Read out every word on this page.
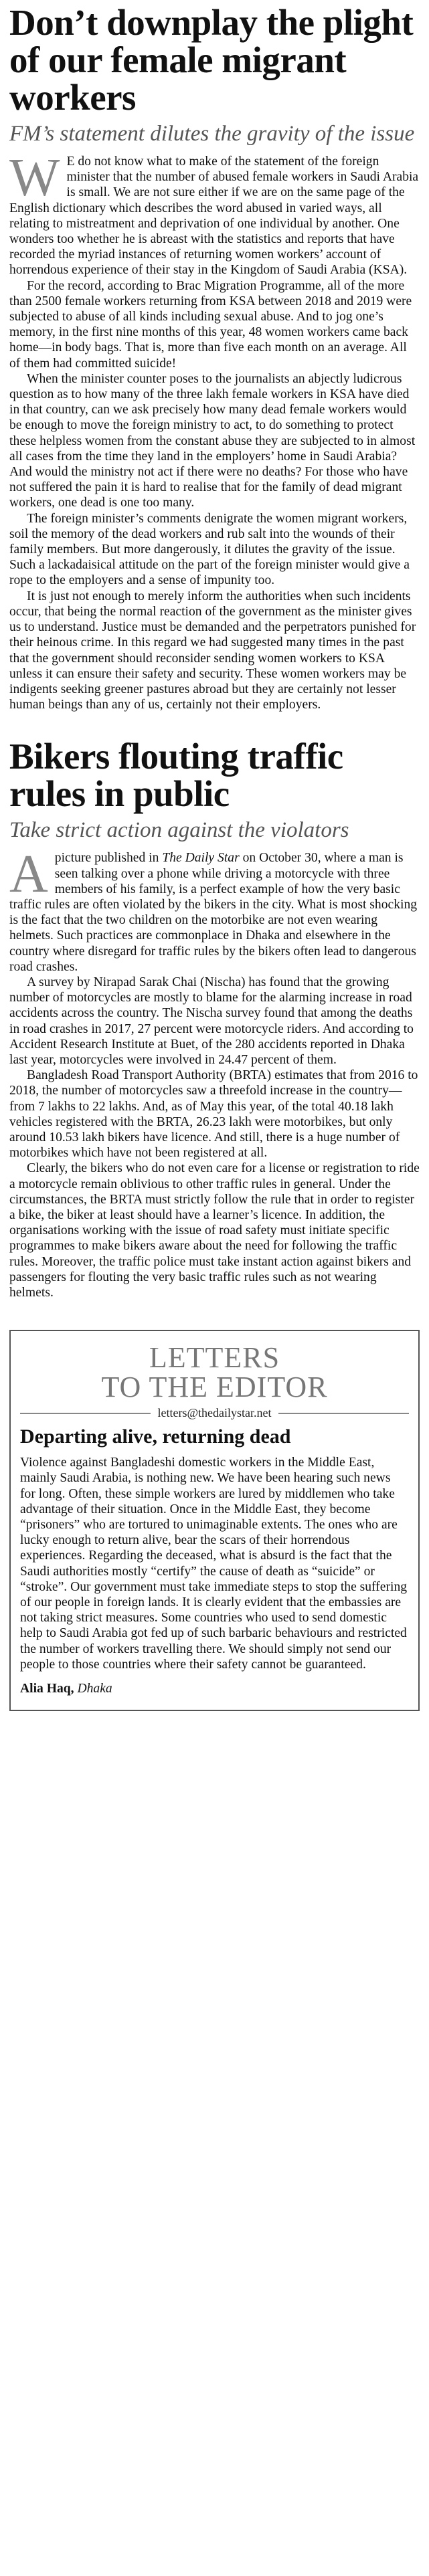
Don’t downplay the plight of our female migrant workers
FM’s statement dilutes the gravity of the issue

W E do not know what to make of the statement of the foreign minister that the number of abused female workers in Saudi Arabia is small. We are not sure either if we are on the same page of the English dictionary which describes the word abused in varied ways, all relating to mistreatment and deprivation of one individual by another. One wonders too whether he is abreast with the statistics and reports that have recorded the myriad instances of returning women workers’ account of horrendous experience of their stay in the Kingdom of Saudi Arabia (KSA).

For the record, according to Brac Migration Programme, all of the more than 2500 female workers returning from KSA between 2018 and 2019 were subjected to abuse of all kinds including sexual abuse. And to jog one’s memory, in the first nine months of this year, 48 women workers came back home—in body bags. That is, more than five each month on an average. All of them had committed suicide!

When the minister counter poses to the journalists an abjectly ludicrous question as to how many of the three lakh female workers in KSA have died in that country, can we ask precisely how many dead female workers would be enough to move the foreign ministry to act, to do something to protect these helpless women from the constant abuse they are subjected to in almost all cases from the time they land in the employers’ home in Saudi Arabia? And would the ministry not act if there were no deaths? For those who have not suffered the pain it is hard to realise that for the family of dead migrant workers, one dead is one too many.

The foreign minister’s comments denigrate the women migrant workers, soil the memory of the dead workers and rub salt into the wounds of their family members. But more dangerously, it dilutes the gravity of the issue. Such a lackadaisical attitude on the part of the foreign minister would give a rope to the employers and a sense of impunity too.

It is just not enough to merely inform the authorities when such incidents occur, that being the normal reaction of the government as the minister gives us to understand. Justice must be demanded and the perpetrators punished for their heinous crime. In this regard we had suggested many times in the past that the government should reconsider sending women workers to KSA unless it can ensure their safety and security. These women workers may be indigents seeking greener pastures abroad but they are certainly not lesser human beings than any of us, certainly not their employers.

Bikers flouting traffic rules in public
Take strict action against the violators

A picture published in The Daily Star on October 30, where a man is seen talking over a phone while driving a motorcycle with three members of his family, is a perfect example of how the very basic traffic rules are often violated by the bikers in the city. What is most shocking is the fact that the two children on the motorbike are not even wearing helmets. Such practices are commonplace in Dhaka and elsewhere in the country where disregard for traffic rules by the bikers often lead to dangerous road crashes.

A survey by Nirapad Sarak Chai (Nischa) has found that the growing number of motorcycles are mostly to blame for the alarming increase in road accidents across the country. The Nischa survey found that among the deaths in road crashes in 2017, 27 percent were motorcycle riders. And according to Accident Research Institute at Buet, of the 280 accidents reported in Dhaka last year, motorcycles were involved in 24.47 percent of them.

Bangladesh Road Transport Authority (BRTA) estimates that from 2016 to 2018, the number of motorcycles saw a threefold increase in the country—from 7 lakhs to 22 lakhs. And, as of May this year, of the total 40.18 lakh vehicles registered with the BRTA, 26.23 lakh were motorbikes, but only around 10.53 lakh bikers have licence. And still, there is a huge number of motorbikes which have not been registered at all.

Clearly, the bikers who do not even care for a license or registration to ride a motorcycle remain oblivious to other traffic rules in general. Under the circumstances, the BRTA must strictly follow the rule that in order to register a bike, the biker at least should have a learner’s licence. In addition, the organisations working with the issue of road safety must initiate specific programmes to make bikers aware about the need for following the traffic rules. Moreover, the traffic police must take instant action against bikers and passengers for flouting the very basic traffic rules such as not wearing helmets.

LETTERS
TO THE EDITOR
letters@thedailystar.net
Departing alive, returning dead
Violence against Bangladeshi domestic workers in the Middle East, mainly Saudi Arabia, is nothing new. We have been hearing such news for long. Often, these simple workers are lured by middlemen who take advantage of their situation. Once in the Middle East, they become “prisoners” who are tortured to unimaginable extents. The ones who are lucky enough to return alive, bear the scars of their horrendous experiences. Regarding the deceased, what is absurd is the fact that the Saudi authorities mostly “certify” the cause of death as “suicide” or “stroke”. Our government must take immediate steps to stop the suffering of our people in foreign lands. It is clearly evident that the embassies are not taking strict measures. Some countries who used to send domestic help to Saudi Arabia got fed up of such barbaric behaviours and restricted the number of workers travelling there. We should simply not send our people to those countries where their safety cannot be guaranteed.
Alia Haq, Dhaka
